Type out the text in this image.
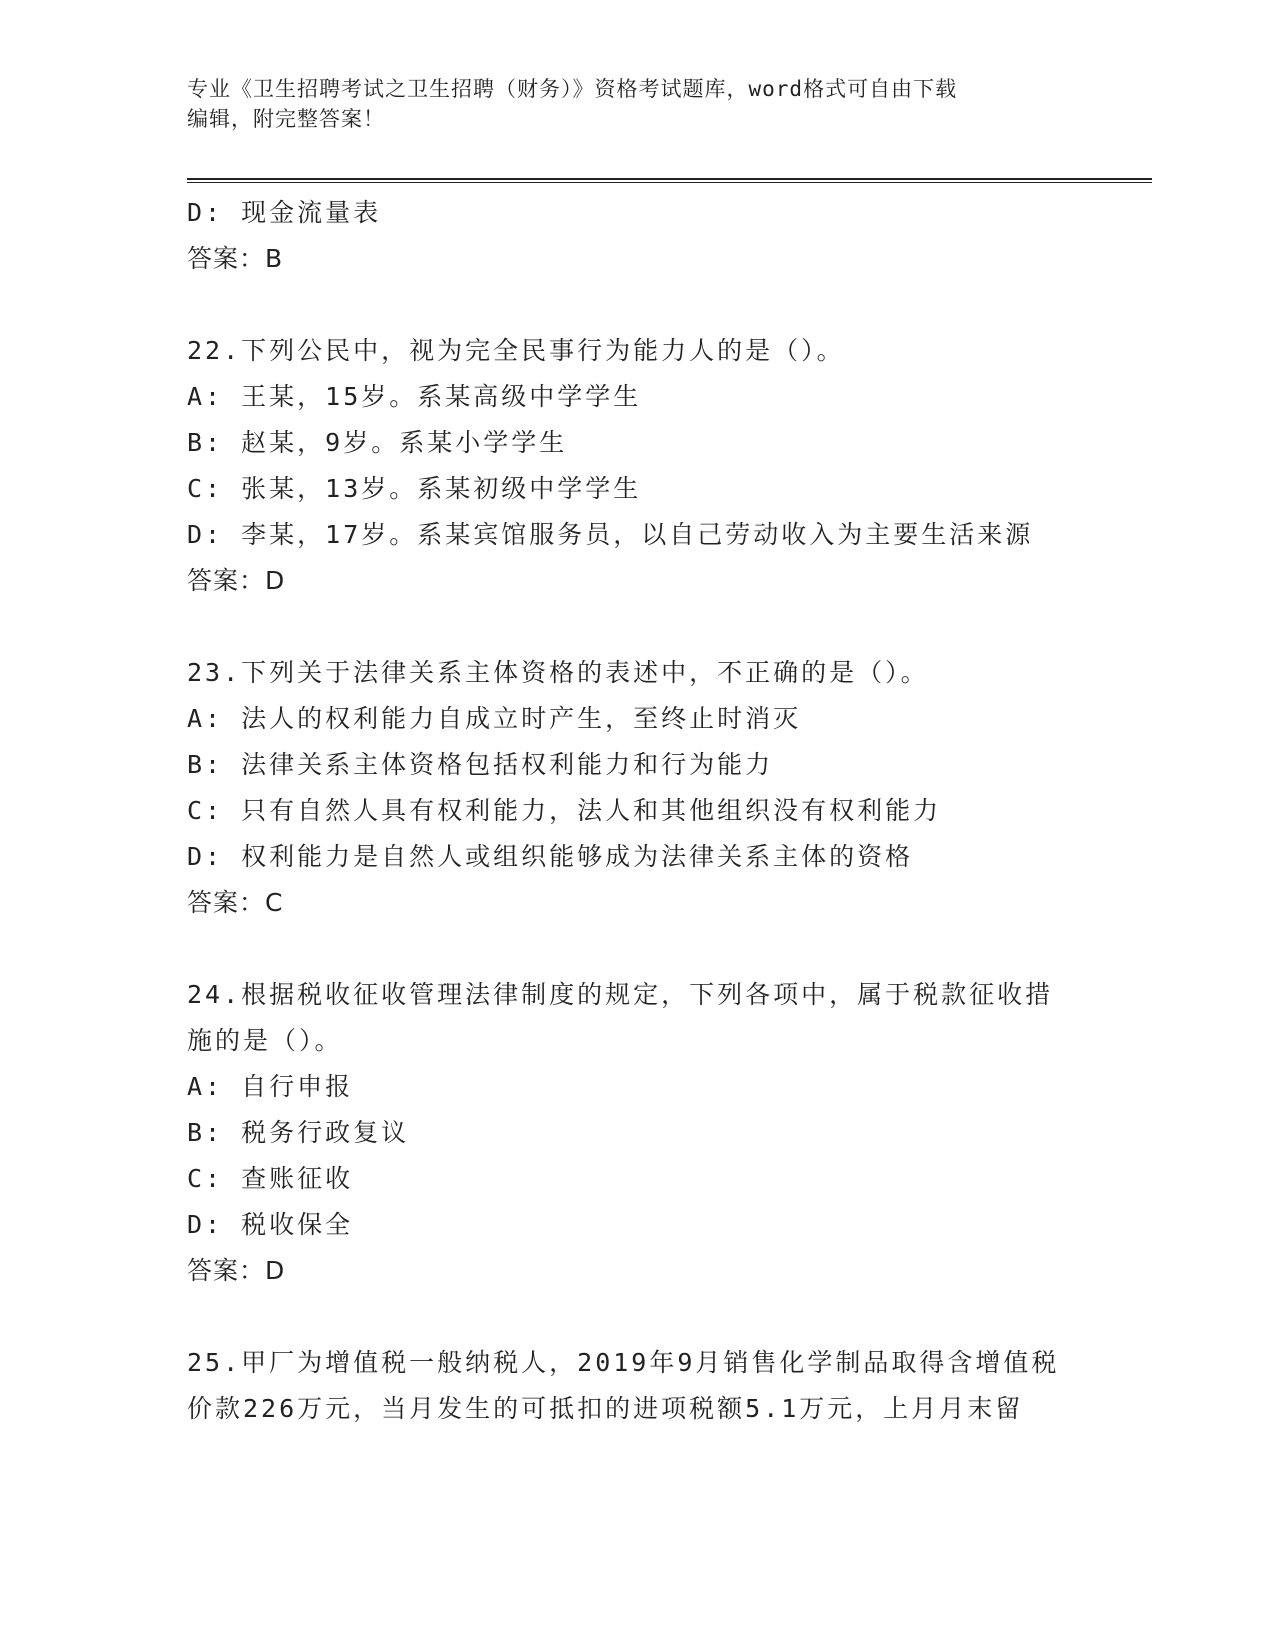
专业《卫生招聘考试之卫生招聘（财务）》资格考试题库，word格式可自由下载
编辑，附完整答案！
D: 现金流量表
答案：B
22.下列公民中，视为完全民事行为能力人的是（）。
A: 王某，15岁。系某高级中学学生
B: 赵某，9岁。系某小学学生
C: 张某，13岁。系某初级中学学生
D: 李某，17岁。系某宾馆服务员，以自己劳动收入为主要生活来源
答案：D
23.下列关于法律关系主体资格的表述中，不正确的是（）。
A: 法人的权利能力自成立时产生，至终止时消灭
B: 法律关系主体资格包括权利能力和行为能力
C: 只有自然人具有权利能力，法人和其他组织没有权利能力
D: 权利能力是自然人或组织能够成为法律关系主体的资格
答案：C
24.根据税收征收管理法律制度的规定，下列各项中，属于税款征收措
施的是（）。
A: 自行申报
B: 税务行政复议
C: 查账征收
D: 税收保全
答案：D
25.甲厂为增值税一般纳税人，2019年9月销售化学制品取得含增值税
价款226万元，当月发生的可抵扣的进项税额5.1万元，上月月末留
